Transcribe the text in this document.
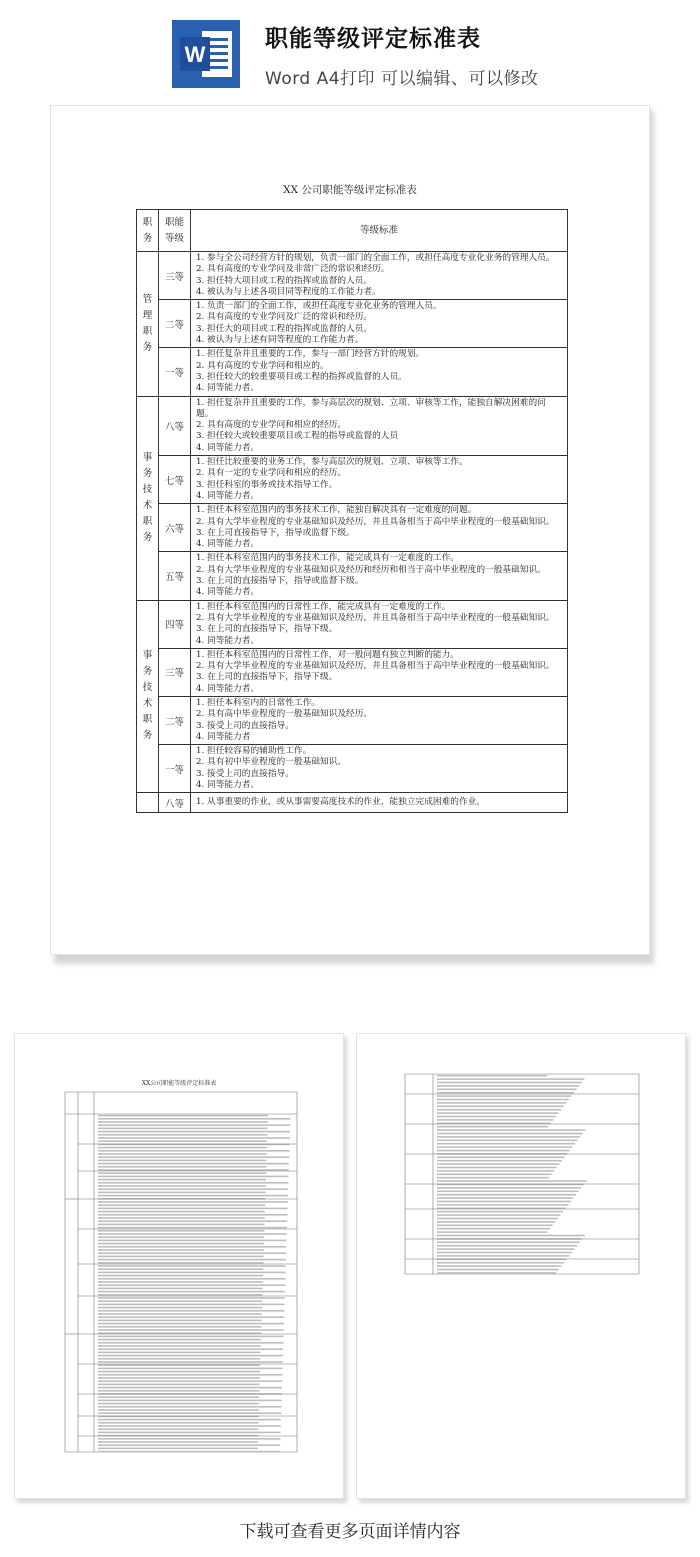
W
职能等级评定标准表
Word A4打印 可以编辑、可以修改
XX 公司职能等级评定标准表
职务	职能等级	等级标准
管理职务	三等	1. 参与全公司经营方针的规划，负责一部门的全面工作，或担任高度专业化业务的管理人员。
2. 具有高度的专业学问及非常广泛的常识和经历。
3. 担任特大项目或工程的指挥或监督的人员。
4. 被认为与上述各项目同等程度的工作能力者。

	二等	1. 负责一部门的全面工作，或担任高度专业化业务的管理人员。
2. 具有高度的专业学问及广泛的常识和经历。
3. 担任大的项目或工程的指挥或监督的人员。
4. 被认为与上述有同等程度的工作能力者。

	一等	1. 担任复杂并且重要的工作，参与一部门经营方针的规划。
2. 具有高度的专业学问和相应的。
3. 担任较大的较重要项目或工程的指挥或监督的人员。
4. 同等能力者。

事务技术职务	八等	1. 担任复杂并且重要的工作，参与高层次的规划、立项、审核等工作，能独自解决困难的问题。
2. 具有高度的专业学问和相应的经历。
3. 担任较大或较重要项目或工程的指导或监督的人员
4. 同等能力者。

	七等	1. 担任比较重要的业务工作，参与高层次的规划、立项、审核等工作。
2. 具有一定的专业学问和相应的经历。
3. 担任科室的事务或技术指导工作。
4. 同等能力者。

	六等	1. 担任本科室范围内的事务技术工作，能独自解决具有一定难度的问题。
2. 具有大学毕业程度的专业基础知识及经历，并且具备相当于高中毕业程度的一般基础知识。
3. 在上司直接指导下，指导或监督下级。
4. 同等能力者。

	五等	1. 担任本科室范围内的事务技术工作，能完成具有一定难度的工作。
2. 具有大学毕业程度的专业基础知识及经历和经历和相当于高中毕业程度的一般基础知识。
3. 在上司的直接指导下，指导或监督下级。
4. 同等能力者。

事务技术职务	四等	1. 担任本科室范围内的日常性工作，能完成具有一定难度的工作。
2. 具有大学毕业程度的专业基础知识及经历，并且具备相当于高中毕业程度的一般基础知识。
3. 在上司的直接指导下，指导下级。
4. 同等能力者。

	三等	1. 担任本科室范围内的日常性工作，对一般问题有独立判断的能力。
2. 具有大学毕业程度的专业基础知识及经历，并且具备相当于高中毕业程度的一般基础知识。
3. 在上司的直接指导下，指导下级。
4. 同等能力者。

	二等	1. 担任本科室内的日常性工作。
2. 具有高中毕业程度的一般基础知识及经历。
3. 接受上司的直接指导。
4. 同等能力者

	一等	1. 担任较容易的辅助性工作。
2. 具有初中毕业程度的一般基础知识。
3. 接受上司的直接指导。
4. 同等能力者。

	八等	1. 从事重要的作业，或从事需要高度技术的作业，能独立完成困难的作业。
XX公司职能等级评定标准表
下载可查看更多页面详情内容
